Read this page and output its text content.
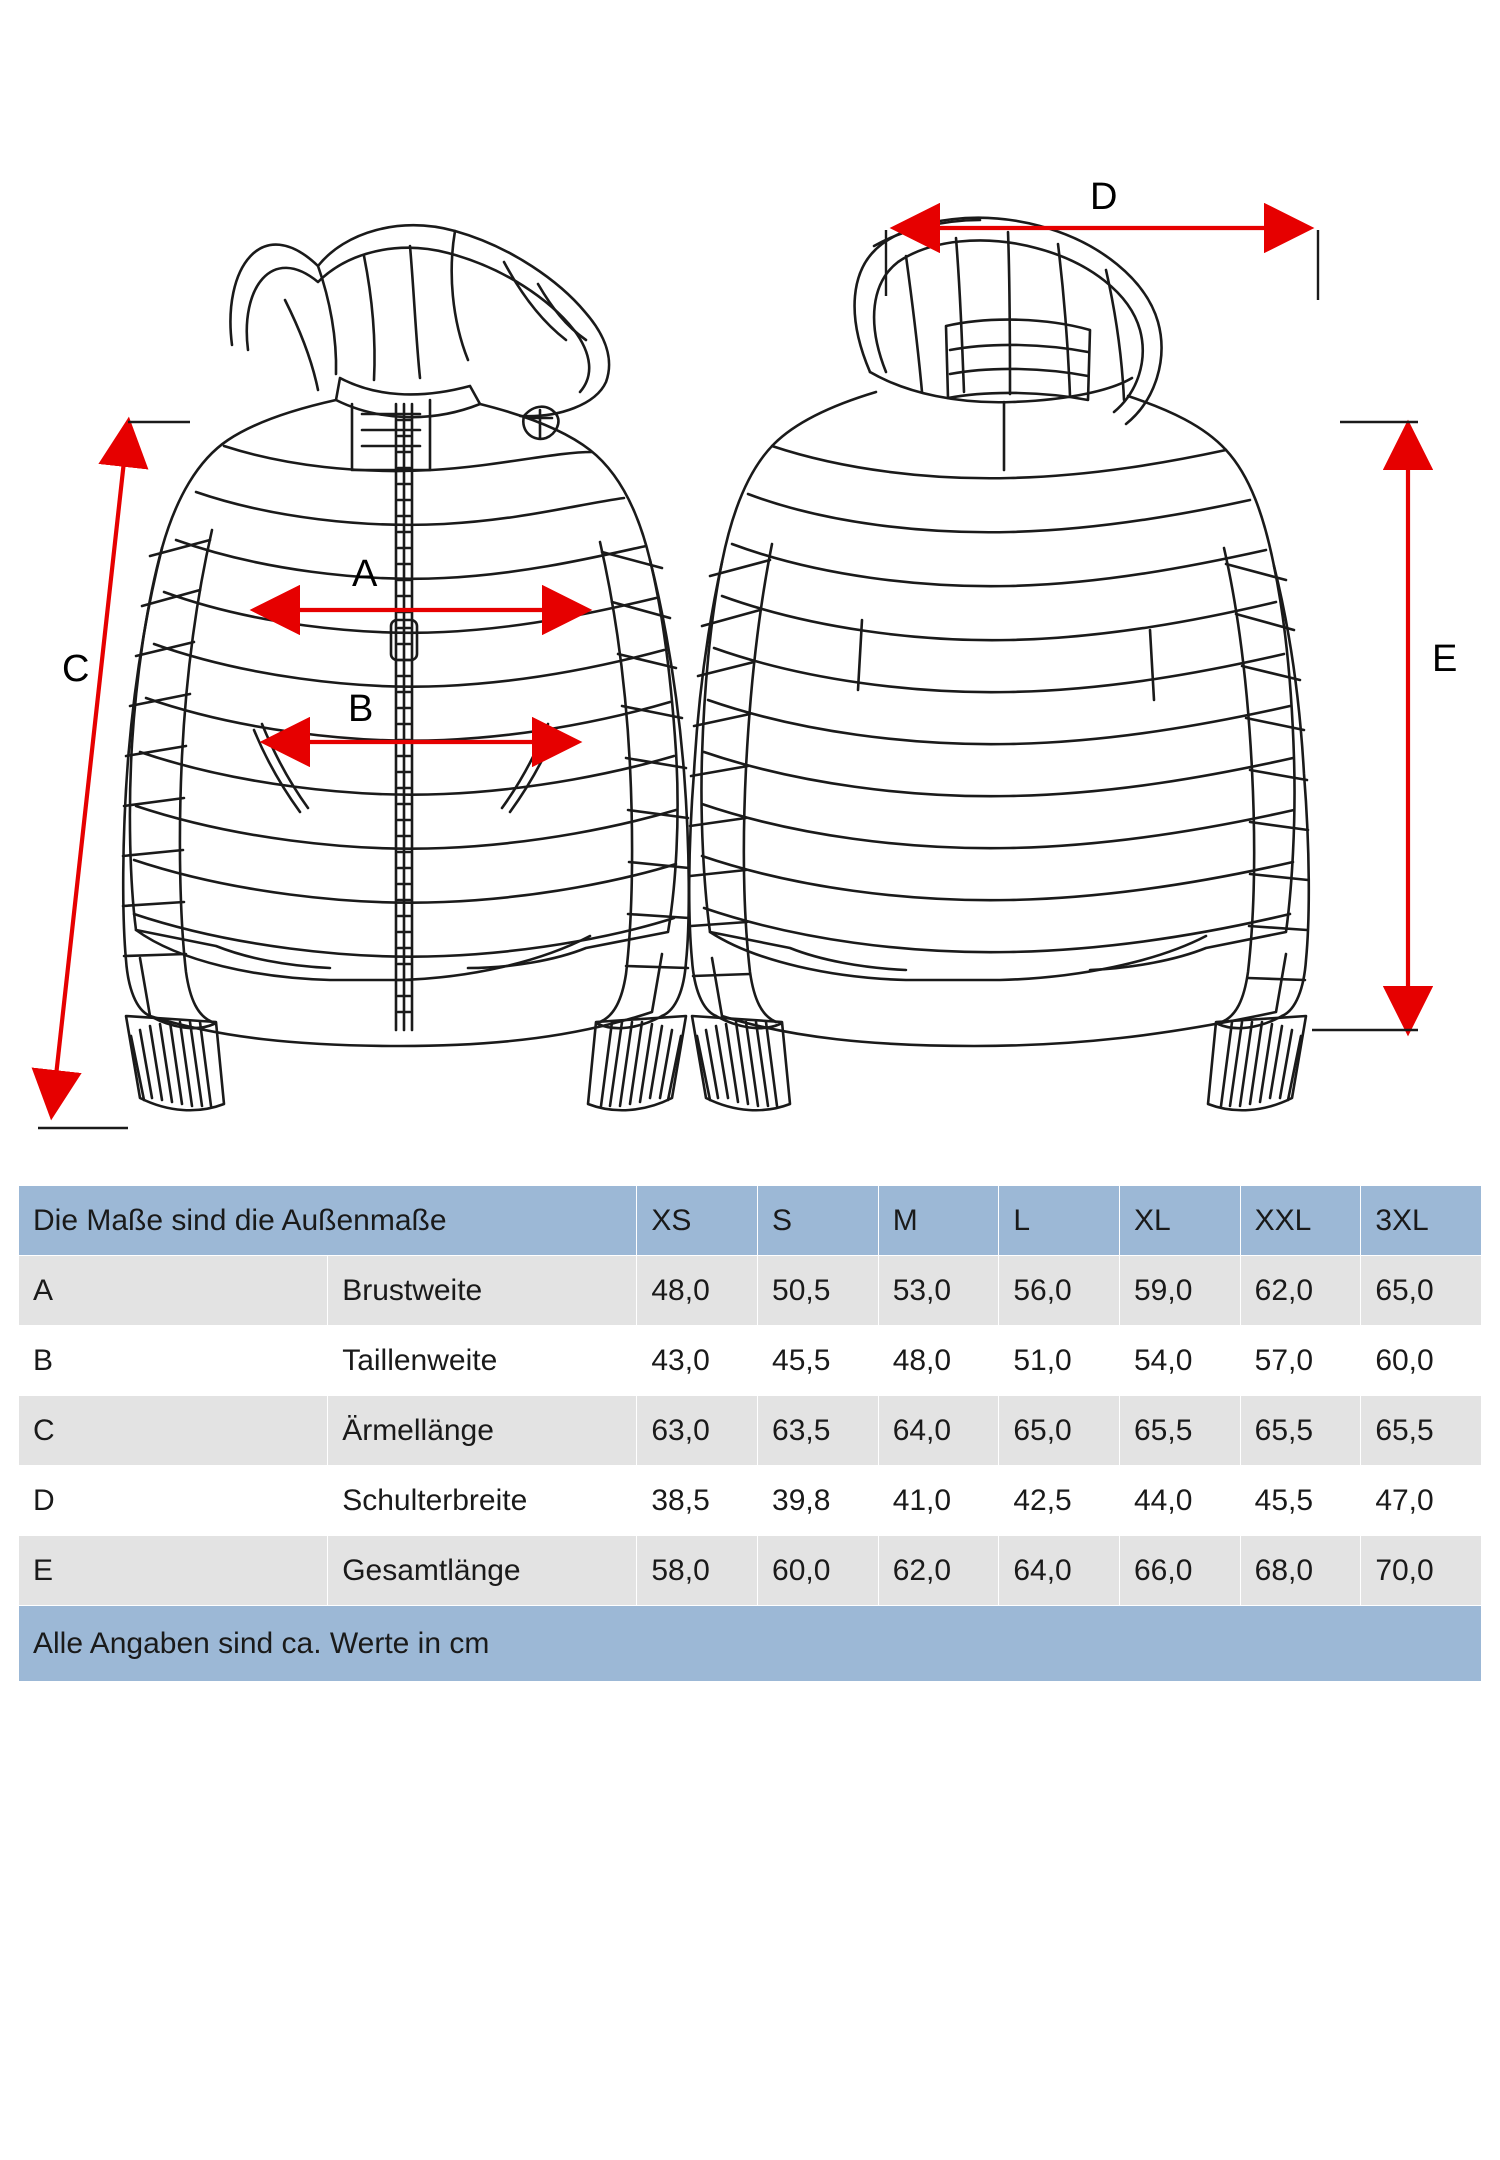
A
B
C
D
E
Die Maße sind die Außenmaße		XS	S	M	L	XL	XXL	3XL
A	Brustweite	48,0	50,5	53,0	56,0	59,0	62,0	65,0
B	Taillenweite	43,0	45,5	48,0	51,0	54,0	57,0	60,0
C	Ärmellänge	63,0	63,5	64,0	65,0	65,5	65,5	65,5
D	Schulterbreite	38,5	39,8	41,0	42,5	44,0	45,5	47,0
E	Gesamtlänge	58,0	60,0	62,0	64,0	66,0	68,0	70,0
Alle Angaben sind ca. Werte in cm								
